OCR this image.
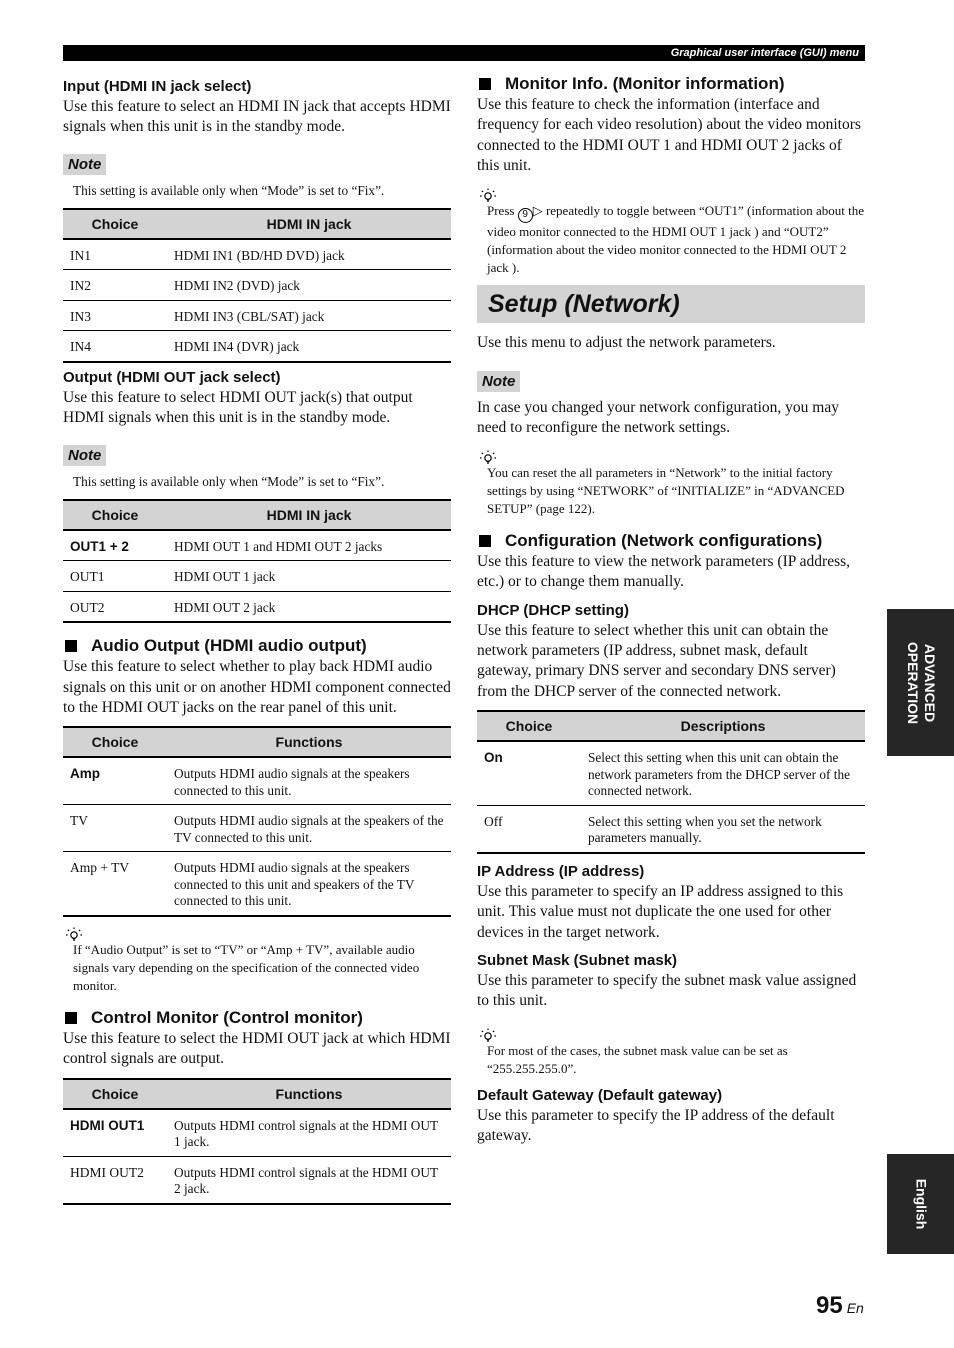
Graphical user interface (GUI) menu
Input (HDMI IN jack select)
Use this feature to select an HDMI IN jack that accepts HDMI signals when this unit is in the standby mode.
Note
This setting is available only when “Mode” is set to “Fix”.
Choice	HDMI IN jack
IN1	HDMI IN1 (BD/HD DVD) jack
IN2	HDMI IN2 (DVD) jack
IN3	HDMI IN3 (CBL/SAT) jack
IN4	HDMI IN4 (DVR) jack
Output (HDMI OUT jack select)
Use this feature to select HDMI OUT jack(s) that output HDMI signals when this unit is in the standby mode.
Note
This setting is available only when “Mode” is set to “Fix”.
Choice	HDMI IN jack
OUT1 + 2	HDMI OUT 1 and HDMI OUT 2 jacks
OUT1	HDMI OUT 1 jack
OUT2	HDMI OUT 2 jack
Audio Output (HDMI audio output)
Use this feature to select whether to play back HDMI audio signals on this unit or on another HDMI component connected to the HDMI OUT jacks on the rear panel of this unit.
Choice	Functions
Amp	Outputs HDMI audio signals at the speakers connected to this unit.
TV	Outputs HDMI audio signals at the speakers of the TV connected to this unit.
Amp + TV	Outputs HDMI audio signals at the speakers connected to this unit and speakers of the TV connected to this unit.
If “Audio Output” is set to “TV” or “Amp + TV”, available audio signals vary depending on the specification of the connected video monitor.
Control Monitor (Control monitor)
Use this feature to select the HDMI OUT jack at which HDMI control signals are output.
Choice	Functions
HDMI OUT1	Outputs HDMI control signals at the HDMI OUT 1 jack.
HDMI OUT2	Outputs HDMI control signals at the HDMI OUT 2 jack.
Monitor Info. (Monitor information)
Use this feature to check the information (interface and frequency for each video resolution) about the video monitors connected to the HDMI OUT 1 and HDMI OUT 2 jacks of this unit.
Press 9 ▷ repeatedly to toggle between “OUT1” (information about the video monitor connected to the HDMI OUT 1 jack ) and “OUT2” (information about the video monitor connected to the HDMI OUT 2 jack ).
Setup (Network)
Use this menu to adjust the network parameters.
Note
In case you changed your network configuration, you may need to reconfigure the network settings.
You can reset the all parameters in “Network” to the initial factory settings by using “NETWORK” of “INITIALIZE” in “ADVANCED SETUP” (page 122).
Configuration (Network configurations)
Use this feature to view the network parameters (IP address, etc.) or to change them manually.
DHCP (DHCP setting)
Use this feature to select whether this unit can obtain the network parameters (IP address, subnet mask, default gateway, primary DNS server and secondary DNS server) from the DHCP server of the connected network.
Choice	Descriptions
On	Select this setting when this unit can obtain the network parameters from the DHCP server of the connected network.
Off	Select this setting when you set the network parameters manually.
IP Address (IP address)
Use this parameter to specify an IP address assigned to this unit. This value must not duplicate the one used for other devices in the target network.
Subnet Mask (Subnet mask)
Use this parameter to specify the subnet mask value assigned to this unit.
For most of the cases, the subnet mask value can be set as “255.255.255.0”.
Default Gateway (Default gateway)
Use this parameter to specify the IP address of the default gateway.
ADVANCED
OPERATION
English
95 En
